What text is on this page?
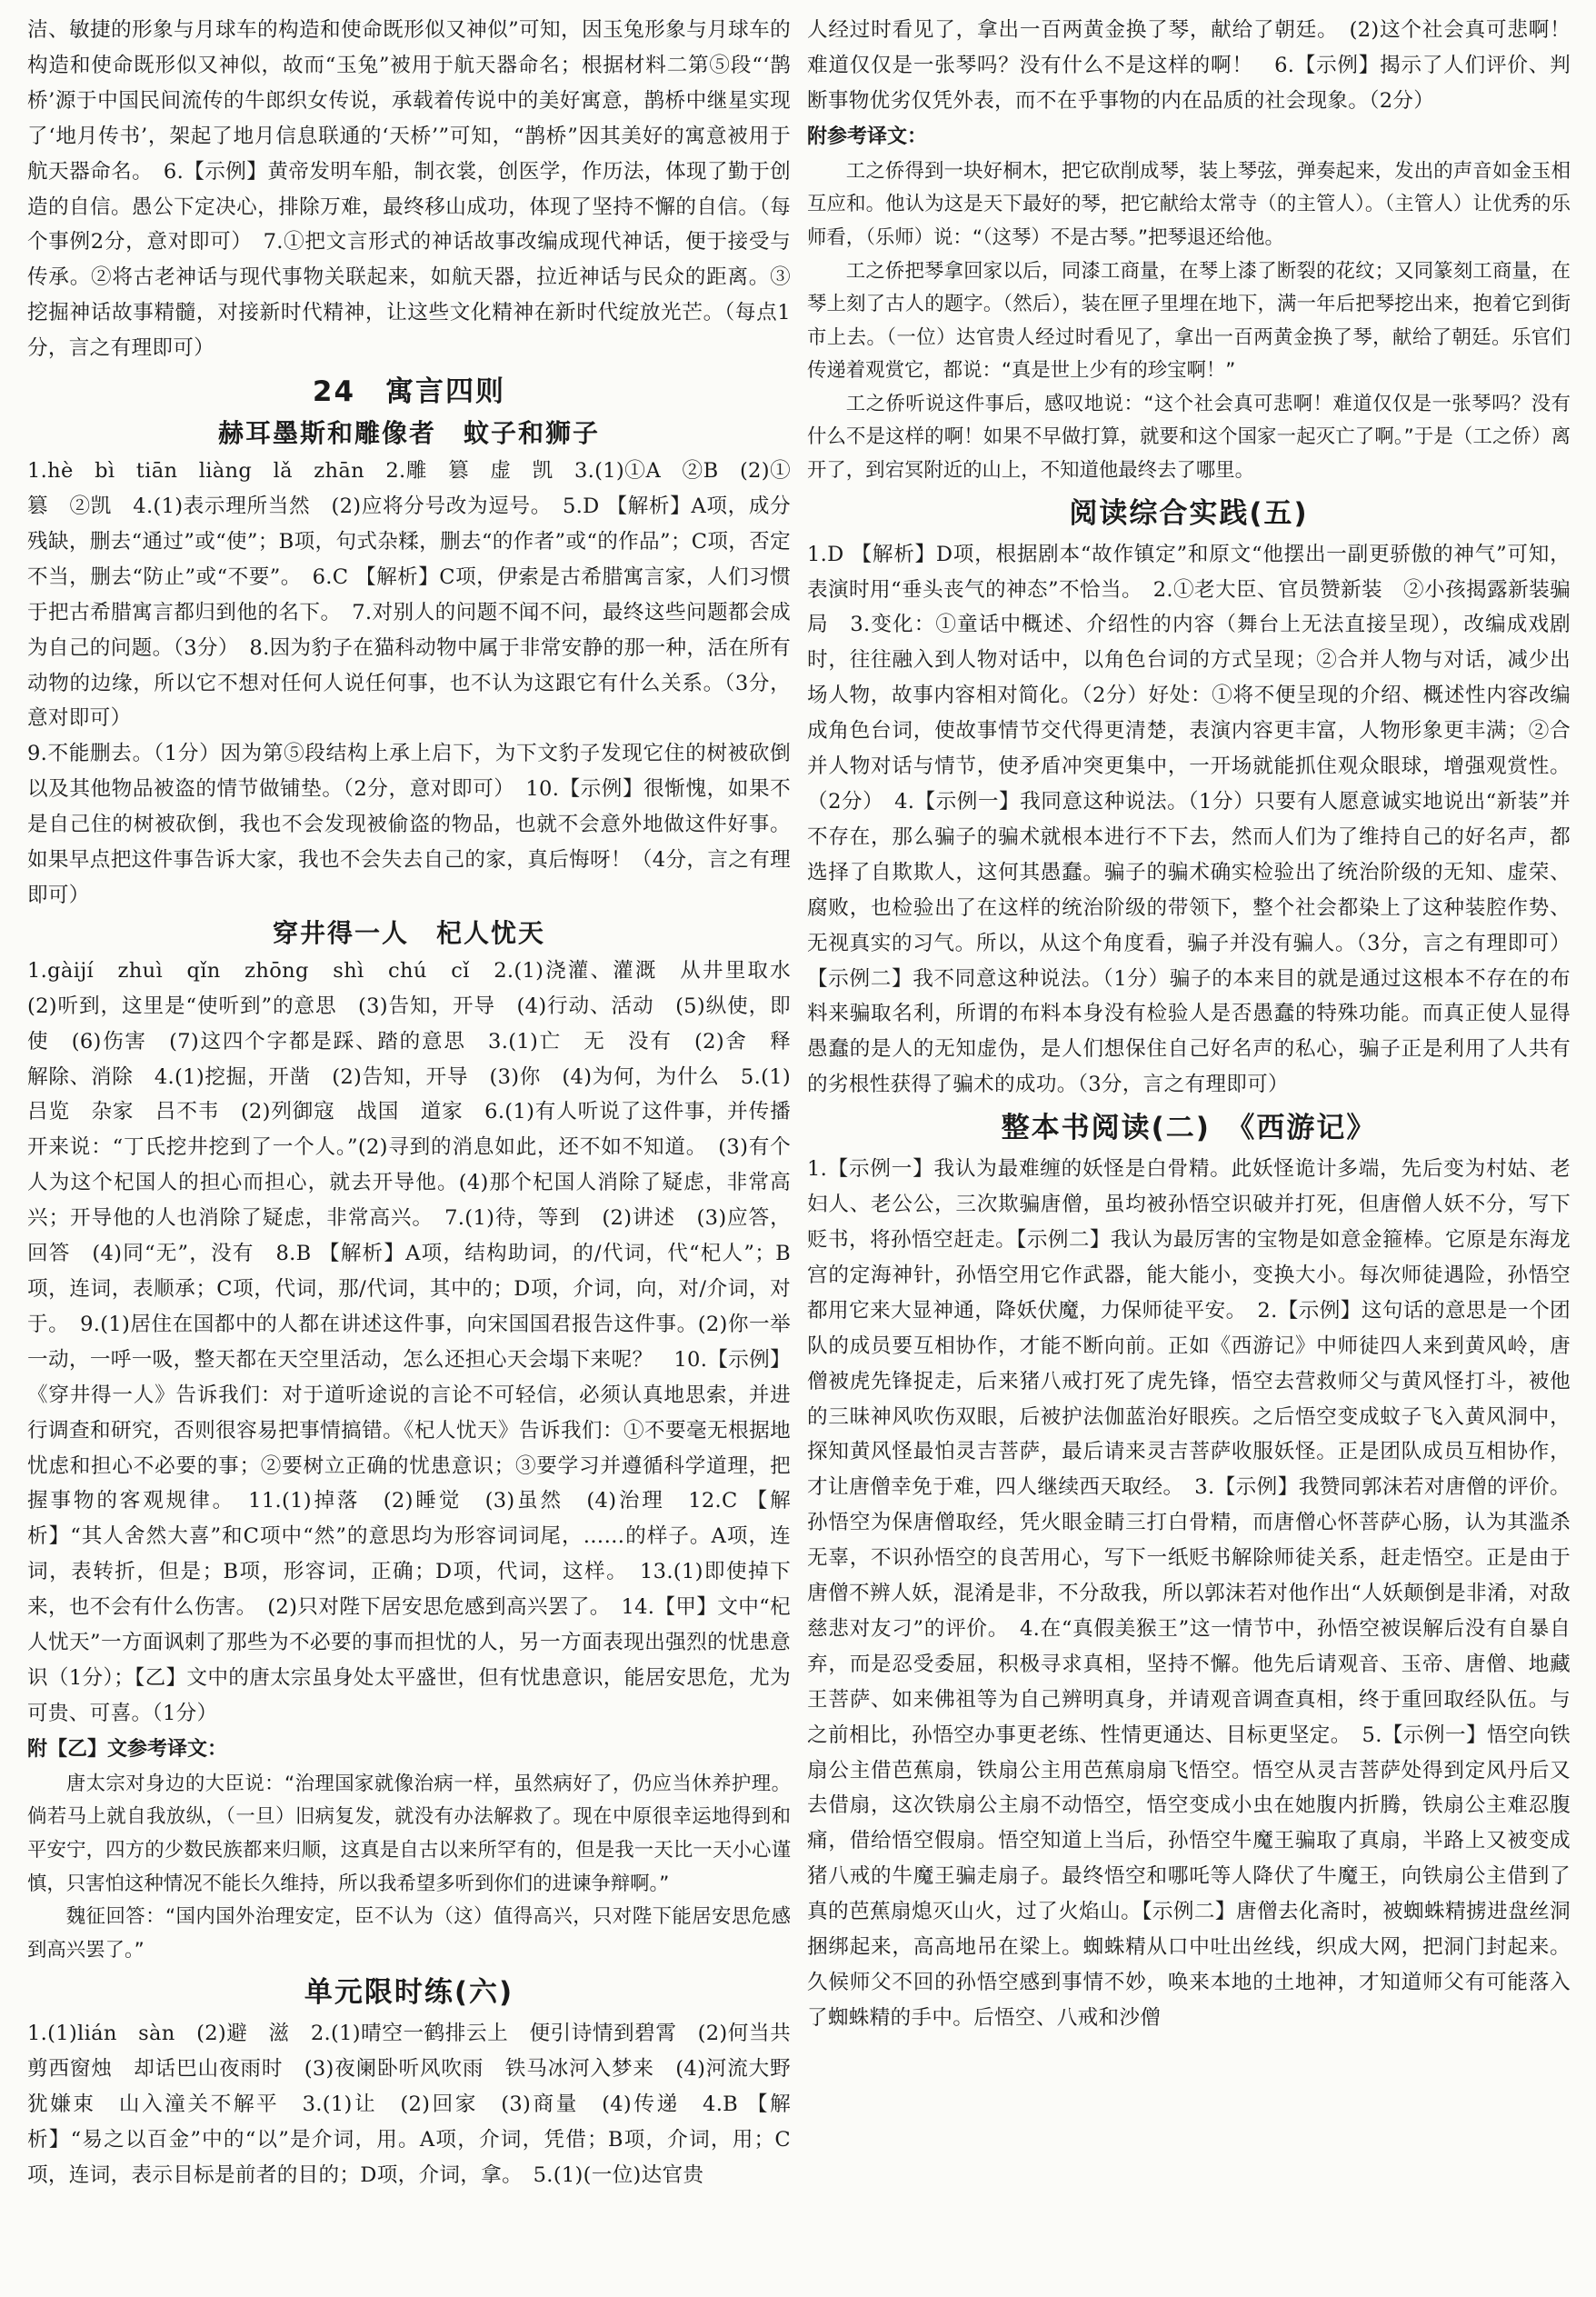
洁、敏捷的形象与月球车的构造和使命既形似又神似”可知，因玉兔形象与月球车的构造和使命既形似又神似，故而“玉兔”被用于航天器命名；根据材料二第⑤段“‘鹊桥’源于中国民间流传的牛郎织女传说，承载着传说中的美好寓意，鹊桥中继星实现了‘地月传书’，架起了地月信息联通的‘天桥’”可知，“鹊桥”因其美好的寓意被用于航天器命名。　6.【示例】黄帝发明车船，制衣裳，创医学，作历法，体现了勤于创造的自信。愚公下定决心，排除万难，最终移山成功，体现了坚持不懈的自信。（每个事例2分，意对即可）　7.①把文言形式的神话故事改编成现代神话，便于接受与传承。②将古老神话与现代事物关联起来，如航天器，拉近神话与民众的距离。③挖掘神话故事精髓，对接新时代精神，让这些文化精神在新时代绽放光芒。（每点1分，言之有理即可）

24　寓言四则
赫耳墨斯和雕像者　蚊子和狮子

1.hè　bì　tiān　liàng　lǎ　zhān　2.雕　篡　虚　凯　3.(1)①A　②B　(2)①篡　②凯　4.(1)表示理所当然　(2)应将分号改为逗号。　5.D 【解析】A项，成分残缺，删去“通过”或“使”；B项，句式杂糅，删去“的作者”或“的作品”；C项，否定不当，删去“防止”或“不要”。　6.C 【解析】C项，伊索是古希腊寓言家，人们习惯于把古希腊寓言都归到他的名下。　7.对别人的问题不闻不问，最终这些问题都会成为自己的问题。（3分）　8.因为豹子在猫科动物中属于非常安静的那一种，活在所有动物的边缘，所以它不想对任何人说任何事，也不认为这跟它有什么关系。（3分，意对即可）

9.不能删去。（1分）因为第⑤段结构上承上启下，为下文豹子发现它住的树被砍倒以及其他物品被盗的情节做铺垫。（2分，意对即可）　10.【示例】很惭愧，如果不是自己住的树被砍倒，我也不会发现被偷盗的物品，也就不会意外地做这件好事。如果早点把这件事告诉大家，我也不会失去自己的家，真后悔呀！（4分，言之有理即可）

穿井得一人　杞人忧天

1.gàijí　zhuì　qǐn　zhōng　shì　chú　cǐ　2.(1)浇灌、灌溉　从井里取水　(2)听到，这里是“使听到”的意思　(3)告知，开导　(4)行动、活动　(5)纵使，即使　(6)伤害　(7)这四个字都是踩、踏的意思　3.(1)亡　无　没有　(2)舍　释　解除、消除　4.(1)挖掘，开凿　(2)告知，开导　(3)你　(4)为何，为什么　5.(1)吕览　杂家　吕不韦　(2)列御寇　战国　道家　6.(1)有人听说了这件事，并传播开来说：“丁氏挖井挖到了一个人。”(2)寻到的消息如此，还不如不知道。　(3)有个人为这个杞国人的担心而担心，就去开导他。(4)那个杞国人消除了疑虑，非常高兴；开导他的人也消除了疑虑，非常高兴。　7.(1)待，等到　(2)讲述　(3)应答，回答　(4)同“无”，没有　8.B 【解析】A项，结构助词，的/代词，代“杞人”；B项，连词，表顺承；C项，代词，那/代词，其中的；D项，介词，向，对/介词，对于。　9.(1)居住在国都中的人都在讲述这件事，向宋国国君报告这件事。(2)你一举一动，一呼一吸，整天都在天空里活动，怎么还担心天会塌下来呢？　10.【示例】《穿井得一人》告诉我们：对于道听途说的言论不可轻信，必须认真地思索，并进行调查和研究，否则很容易把事情搞错。《杞人忧天》告诉我们：①不要毫无根据地忧虑和担心不必要的事；②要树立正确的忧患意识；③要学习并遵循科学道理，把握事物的客观规律。　11.(1)掉落　(2)睡觉　(3)虽然　(4)治理　12.C 【解析】“其人舍然大喜”和C项中“然”的意思均为形容词词尾，……的样子。A项，连词，表转折，但是；B项，形容词，正确；D项，代词，这样。　13.(1)即使掉下来，也不会有什么伤害。　(2)只对陛下居安思危感到高兴罢了。　14.【甲】文中“杞人忧天”一方面讽刺了那些为不必要的事而担忧的人，另一方面表现出强烈的忧患意识（1分）；【乙】文中的唐太宗虽身处太平盛世，但有忧患意识，能居安思危，尤为可贵、可喜。（1分）

附【乙】文参考译文：

唐太宗对身边的大臣说：“治理国家就像治病一样，虽然病好了，仍应当休养护理。倘若马上就自我放纵，（一旦）旧病复发，就没有办法解救了。现在中原很幸运地得到和平安宁，四方的少数民族都来归顺，这真是自古以来所罕有的，但是我一天比一天小心谨慎，只害怕这种情况不能长久维持，所以我希望多听到你们的进谏争辩啊。”

魏征回答：“国内国外治理安定，臣不认为（这）值得高兴，只对陛下能居安思危感到高兴罢了。”

单元限时练(六)

1.(1)lián　sàn　(2)避　滋　2.(1)晴空一鹤排云上　便引诗情到碧霄　(2)何当共剪西窗烛　却话巴山夜雨时　(3)夜阑卧听风吹雨　铁马冰河入梦来　(4)河流大野犹嫌束　山入潼关不解平　3.(1)让　(2)回家　(3)商量　(4)传递　4.B 【解析】“易之以百金”中的“以”是介词，用。A项，介词，凭借；B项，介词，用；C项，连词，表示目标是前者的目的；D项，介词，拿。　5.(1)(一位)达官贵

人经过时看见了，拿出一百两黄金换了琴，献给了朝廷。　(2)这个社会真可悲啊！难道仅仅是一张琴吗？没有什么不是这样的啊！　6.【示例】揭示了人们评价、判断事物优劣仅凭外表，而不在乎事物的内在品质的社会现象。（2分）

附参考译文：

工之侨得到一块好桐木，把它砍削成琴，装上琴弦，弹奏起来，发出的声音如金玉相互应和。他认为这是天下最好的琴，把它献给太常寺（的主管人）。（主管人）让优秀的乐师看，（乐师）说：“（这琴）不是古琴。”把琴退还给他。

工之侨把琴拿回家以后，同漆工商量，在琴上漆了断裂的花纹；又同篆刻工商量，在琴上刻了古人的题字。（然后），装在匣子里埋在地下，满一年后把琴挖出来，抱着它到街市上去。（一位）达官贵人经过时看见了，拿出一百两黄金换了琴，献给了朝廷。乐官们传递着观赏它，都说：“真是世上少有的珍宝啊！”

工之侨听说这件事后，感叹地说：“这个社会真可悲啊！难道仅仅是一张琴吗？没有什么不是这样的啊！如果不早做打算，就要和这个国家一起灭亡了啊。”于是（工之侨）离开了，到宕冥附近的山上，不知道他最终去了哪里。

阅读综合实践(五)

1.D 【解析】D项，根据剧本“故作镇定”和原文“他摆出一副更骄傲的神气”可知，表演时用“垂头丧气的神态”不恰当。　2.①老大臣、官员赞新装　②小孩揭露新装骗局　3.变化：①童话中概述、介绍性的内容（舞台上无法直接呈现），改编成戏剧时，往往融入到人物对话中，以角色台词的方式呈现；②合并人物与对话，减少出场人物，故事内容相对简化。（2分）好处：①将不便呈现的介绍、概述性内容改编成角色台词，使故事情节交代得更清楚，表演内容更丰富，人物形象更丰满；②合并人物对话与情节，使矛盾冲突更集中，一开场就能抓住观众眼球，增强观赏性。（2分）　4.【示例一】我同意这种说法。（1分）只要有人愿意诚实地说出“新装”并不存在，那么骗子的骗术就根本进行不下去，然而人们为了维持自己的好名声，都选择了自欺欺人，这何其愚蠢。骗子的骗术确实检验出了统治阶级的无知、虚荣、腐败，也检验出了在这样的统治阶级的带领下，整个社会都染上了这种装腔作势、无视真实的习气。所以，从这个角度看，骗子并没有骗人。（3分，言之有理即可）【示例二】我不同意这种说法。（1分）骗子的本来目的就是通过这根本不存在的布料来骗取名利，所谓的布料本身没有检验人是否愚蠢的特殊功能。而真正使人显得愚蠢的是人的无知虚伪，是人们想保住自己好名声的私心，骗子正是利用了人共有的劣根性获得了骗术的成功。（3分，言之有理即可）

整本书阅读(二)　《西游记》

1.【示例一】我认为最难缠的妖怪是白骨精。此妖怪诡计多端，先后变为村姑、老妇人、老公公，三次欺骗唐僧，虽均被孙悟空识破并打死，但唐僧人妖不分，写下贬书，将孙悟空赶走。【示例二】我认为最厉害的宝物是如意金箍棒。它原是东海龙宫的定海神针，孙悟空用它作武器，能大能小，变换大小。每次师徒遇险，孙悟空都用它来大显神通，降妖伏魔，力保师徒平安。　2.【示例】这句话的意思是一个团队的成员要互相协作，才能不断向前。正如《西游记》中师徒四人来到黄风岭，唐僧被虎先锋捉走，后来猪八戒打死了虎先锋，悟空去营救师父与黄风怪打斗，被他的三昧神风吹伤双眼，后被护法伽蓝治好眼疾。之后悟空变成蚊子飞入黄风洞中，探知黄风怪最怕灵吉菩萨，最后请来灵吉菩萨收服妖怪。正是团队成员互相协作，才让唐僧幸免于难，四人继续西天取经。　3.【示例】我赞同郭沫若对唐僧的评价。孙悟空为保唐僧取经，凭火眼金睛三打白骨精，而唐僧心怀菩萨心肠，认为其滥杀无辜，不识孙悟空的良苦用心，写下一纸贬书解除师徒关系，赶走悟空。正是由于唐僧不辨人妖，混淆是非，不分敌我，所以郭沫若对他作出“人妖颠倒是非淆，对敌慈悲对友刁”的评价。　4.在“真假美猴王”这一情节中，孙悟空被误解后没有自暴自弃，而是忍受委屈，积极寻求真相，坚持不懈。他先后请观音、玉帝、唐僧、地藏王菩萨、如来佛祖等为自己辨明真身，并请观音调查真相，终于重回取经队伍。与之前相比，孙悟空办事更老练、性情更通达、目标更坚定。　5.【示例一】悟空向铁扇公主借芭蕉扇，铁扇公主用芭蕉扇扇飞悟空。悟空从灵吉菩萨处得到定风丹后又去借扇，这次铁扇公主扇不动悟空，悟空变成小虫在她腹内折腾，铁扇公主难忍腹痛，借给悟空假扇。悟空知道上当后，孙悟空牛魔王骗取了真扇，半路上又被变成猪八戒的牛魔王骗走扇子。最终悟空和哪吒等人降伏了牛魔王，向铁扇公主借到了真的芭蕉扇熄灭山火，过了火焰山。【示例二】唐僧去化斋时，被蜘蛛精掳进盘丝洞捆绑起来，高高地吊在梁上。蜘蛛精从口中吐出丝线，织成大网，把洞门封起来。久候师父不回的孙悟空感到事情不妙，唤来本地的土地神，才知道师父有可能落入了蜘蛛精的手中。后悟空、八戒和沙僧
